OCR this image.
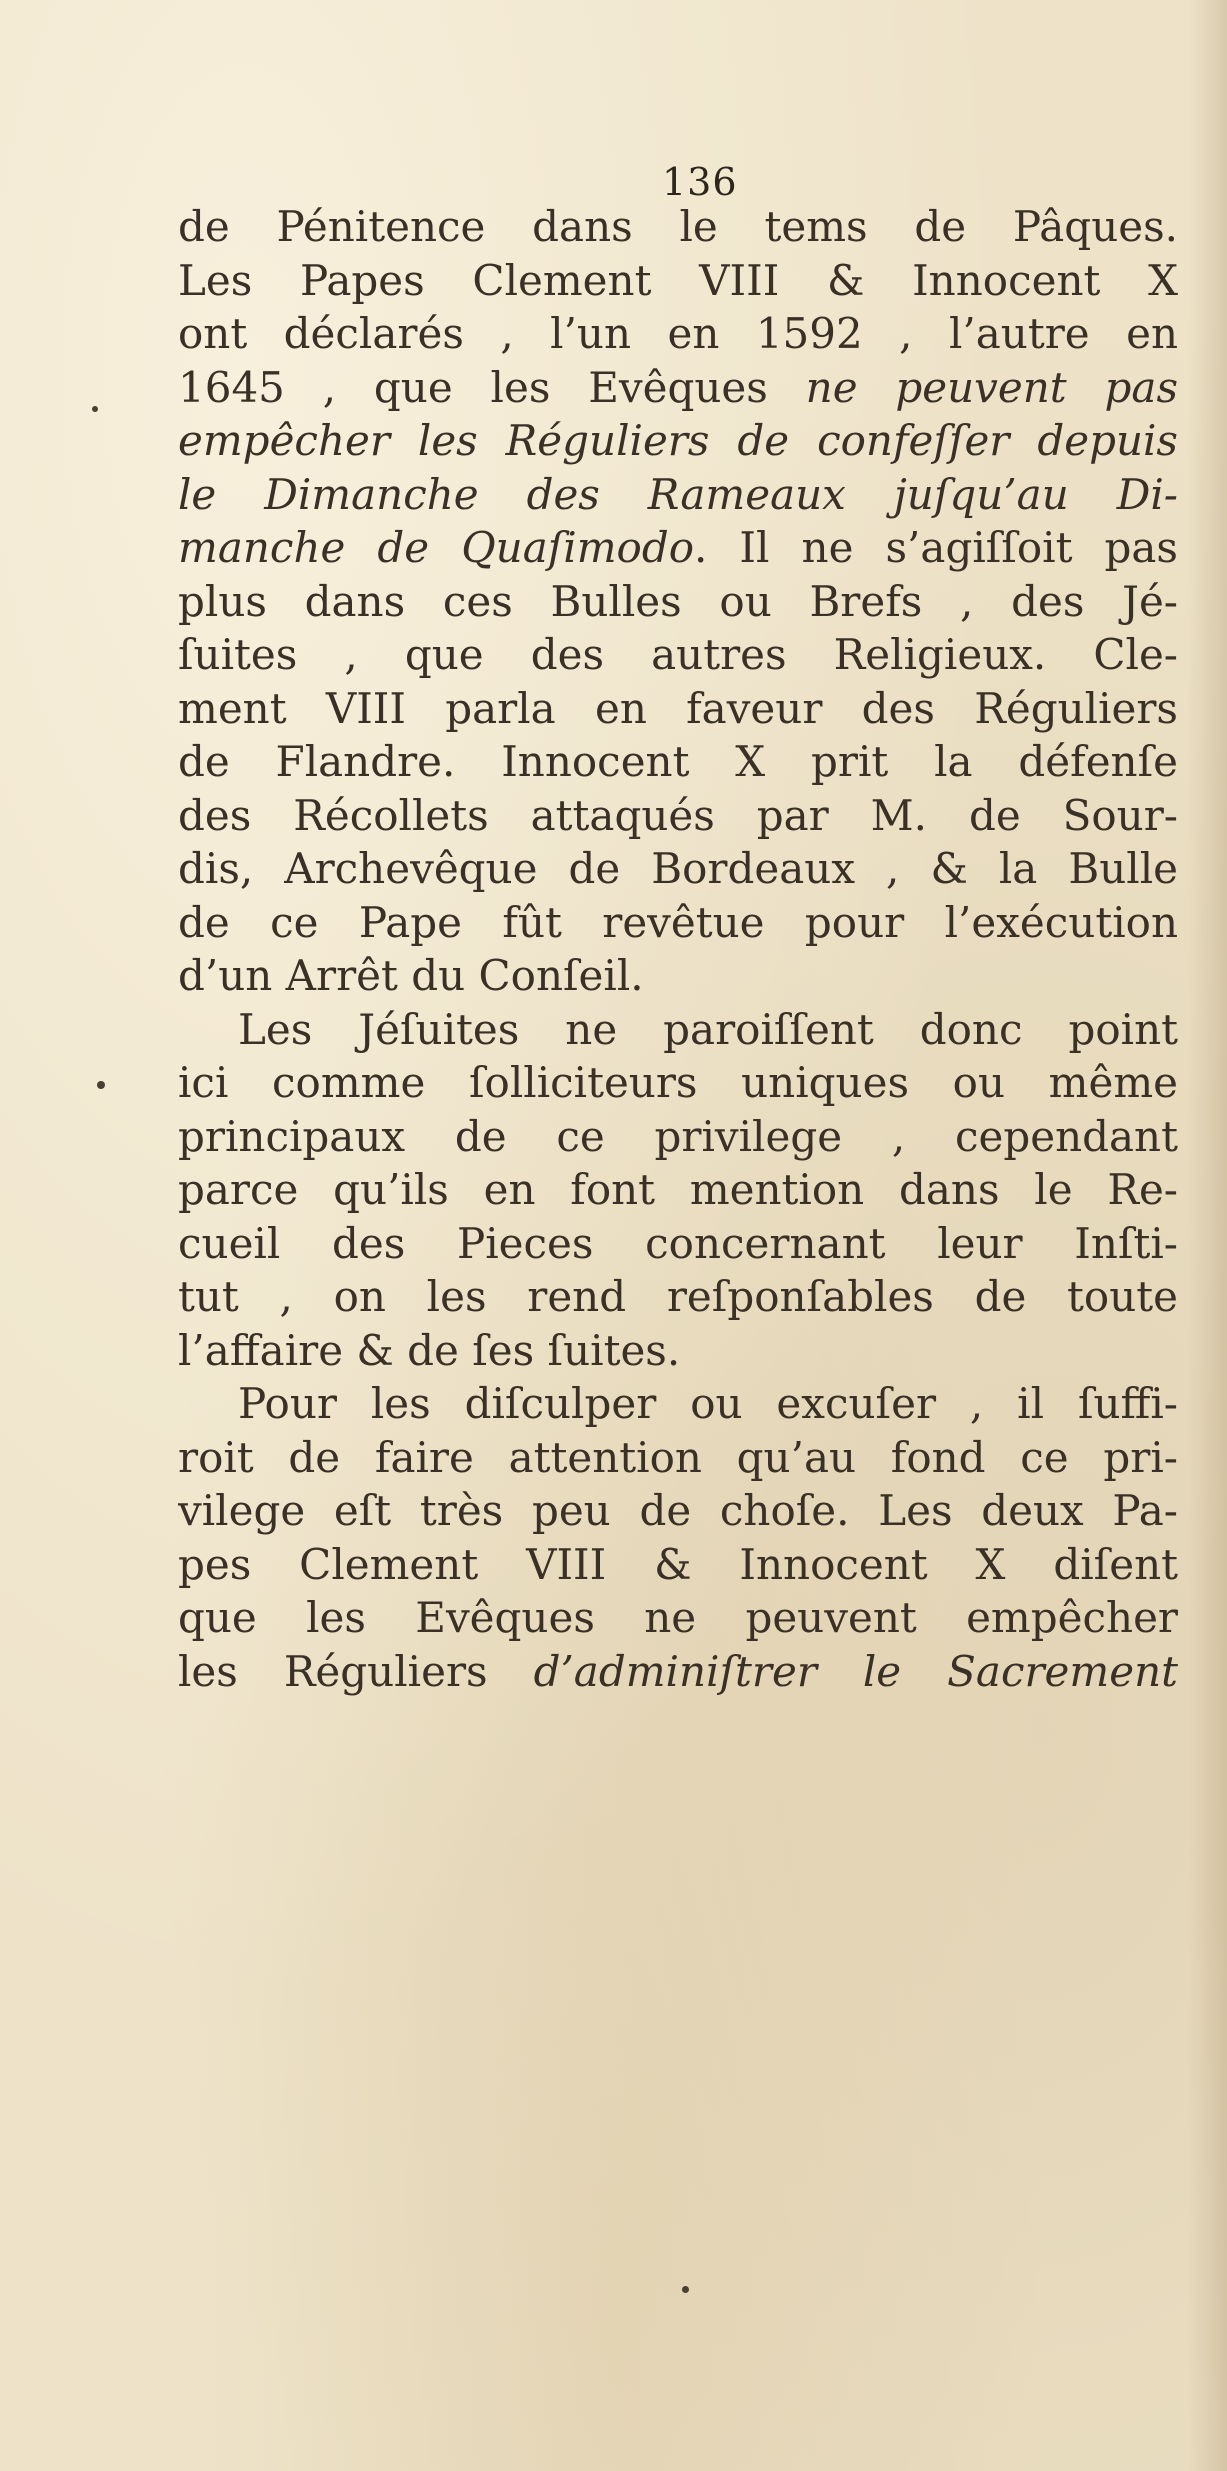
136
de Pénitence dans le tems de Pâques.
Les Papes Clement VIII & Innocent X
ont déclarés , l’un en 1592 , l’autre en
1645 , que les Evêques ne peuvent pas
empêcher les Réguliers de confeſſer depuis
le Dimanche des Rameaux juſqu’au Di-
manche de Quaſimodo. Il ne s’agiſſoit pas
plus dans ces Bulles ou Brefs , des Jé-
ſuites , que des autres Religieux. Cle-
ment VIII parla en faveur des Réguliers
de Flandre. Innocent X prit la défenſe
des Récollets attaqués par M. de Sour-
dis, Archevêque de Bordeaux , & la Bulle
de ce Pape fût revêtue pour l’exécution
d’un Arrêt du Conſeil.
Les Jéſuites ne paroiſſent donc point
ici comme ſolliciteurs uniques ou même
principaux de ce privilege , cependant
parce qu’ils en font mention dans le Re-
cueil des Pieces concernant leur Inſti-
tut , on les rend reſponſables de toute
l’affaire & de ſes ſuites.
Pour les diſculper ou excuſer , il ſuffi-
roit de faire attention qu’au fond ce pri-
vilege eſt très peu de choſe. Les deux Pa-
pes Clement VIII & Innocent X diſent
que les Evêques ne peuvent empêcher
les Réguliers d’adminiſtrer le Sacrement
